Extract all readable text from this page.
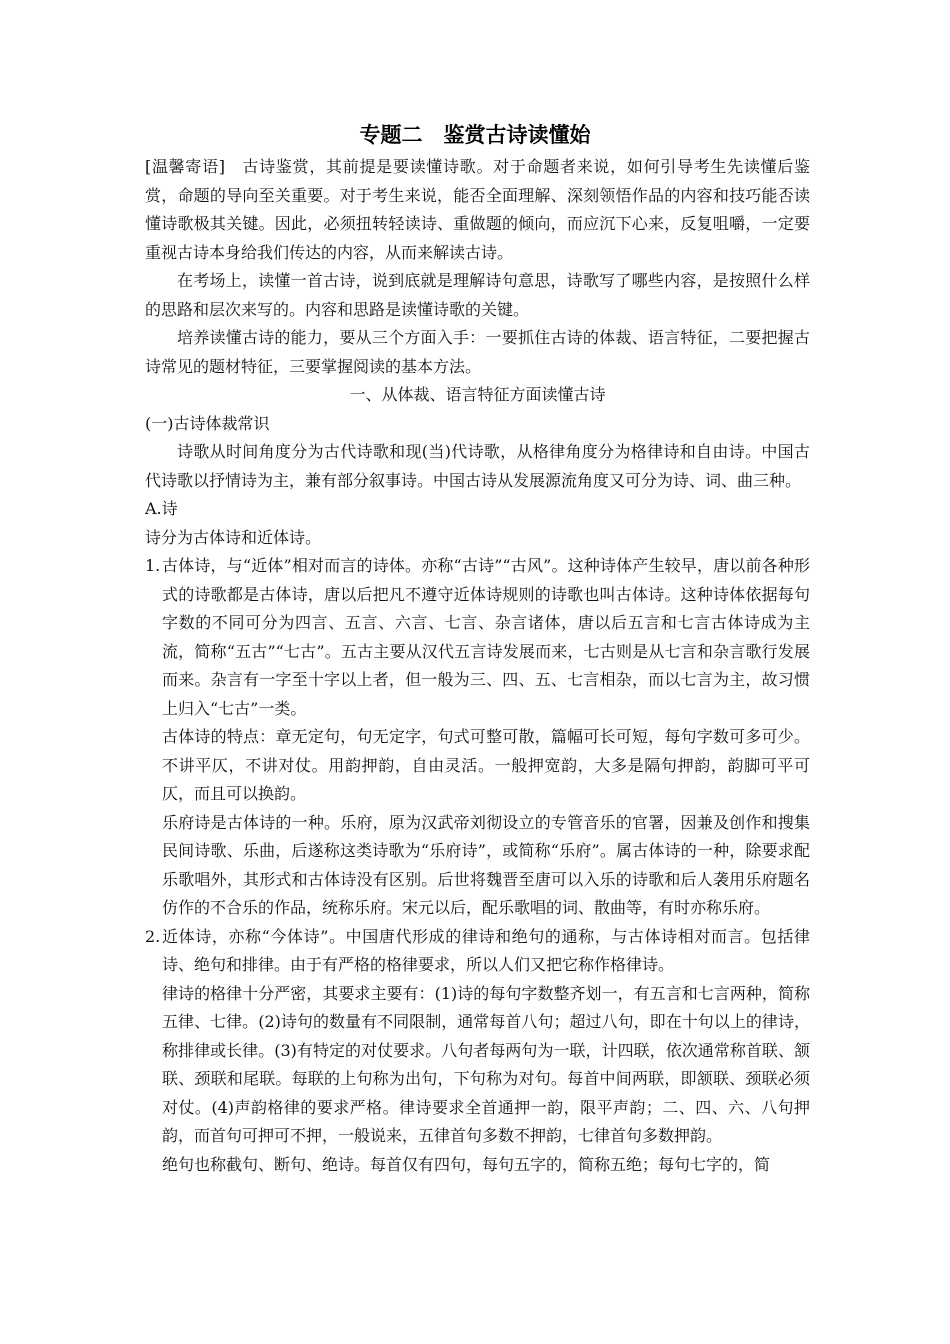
专题二　鉴赏古诗读懂始

[温馨寄语]　古诗鉴赏，其前提是要读懂诗歌。对于命题者来说，如何引导考生先读懂后鉴赏，命题的导向至关重要。对于考生来说，能否全面理解、深刻领悟作品的内容和技巧能否读懂诗歌极其关键。因此，必须扭转轻读诗、重做题的倾向，而应沉下心来，反复咀嚼，一定要重视古诗本身给我们传达的内容，从而来解读古诗。

在考场上，读懂一首古诗，说到底就是理解诗句意思，诗歌写了哪些内容，是按照什么样的思路和层次来写的。内容和思路是读懂诗歌的关键。

培养读懂古诗的能力，要从三个方面入手：一要抓住古诗的体裁、语言特征，二要把握古诗常见的题材特征，三要掌握阅读的基本方法。

一、从体裁、语言特征方面读懂古诗

(一)古诗体裁常识

诗歌从时间角度分为古代诗歌和现(当)代诗歌，从格律角度分为格律诗和自由诗。中国古代诗歌以抒情诗为主，兼有部分叙事诗。中国古诗从发展源流角度又可分为诗、词、曲三种。

A.诗

诗分为古体诗和近体诗。

1. 古体诗，与“近体”相对而言的诗体。亦称“古诗”“古风”。这种诗体产生较早，唐以前各种形式的诗歌都是古体诗，唐以后把凡不遵守近体诗规则的诗歌也叫古体诗。这种诗体依据每句字数的不同可分为四言、五言、六言、七言、杂言诸体，唐以后五言和七言古体诗成为主流，简称“五古”“七古”。五古主要从汉代五言诗发展而来，七古则是从七言和杂言歌行发展而来。杂言有一字至十字以上者，但一般为三、四、五、七言相杂，而以七言为主，故习惯上归入“七古”一类。

古体诗的特点：章无定句，句无定字，句式可整可散，篇幅可长可短，每句字数可多可少。不讲平仄，不讲对仗。用韵押韵，自由灵活。一般押宽韵，大多是隔句押韵，韵脚可平可仄，而且可以换韵。

乐府诗是古体诗的一种。乐府，原为汉武帝刘彻设立的专管音乐的官署，因兼及创作和搜集民间诗歌、乐曲，后遂称这类诗歌为“乐府诗”，或简称“乐府”。属古体诗的一种，除要求配乐歌唱外，其形式和古体诗没有区别。后世将魏晋至唐可以入乐的诗歌和后人袭用乐府题名仿作的不合乐的作品，统称乐府。宋元以后，配乐歌唱的词、散曲等，有时亦称乐府。

2. 近体诗，亦称“今体诗”。中国唐代形成的律诗和绝句的通称，与古体诗相对而言。包括律诗、绝句和排律。由于有严格的格律要求，所以人们又把它称作格律诗。

律诗的格律十分严密，其要求主要有：(1)诗的每句字数整齐划一，有五言和七言两种，简称五律、七律。(2)诗句的数量有不同限制，通常每首八句；超过八句，即在十句以上的律诗，称排律或长律。(3)有特定的对仗要求。八句者每两句为一联，计四联，依次通常称首联、颔联、颈联和尾联。每联的上句称为出句，下句称为对句。每首中间两联，即颔联、颈联必须对仗。(4)声韵格律的要求严格。律诗要求全首通押一韵，限平声韵；二、四、六、八句押韵，而首句可押可不押，一般说来，五律首句多数不押韵，七律首句多数押韵。

绝句也称截句、断句、绝诗。每首仅有四句，每句五字的，简称五绝；每句七字的，简
